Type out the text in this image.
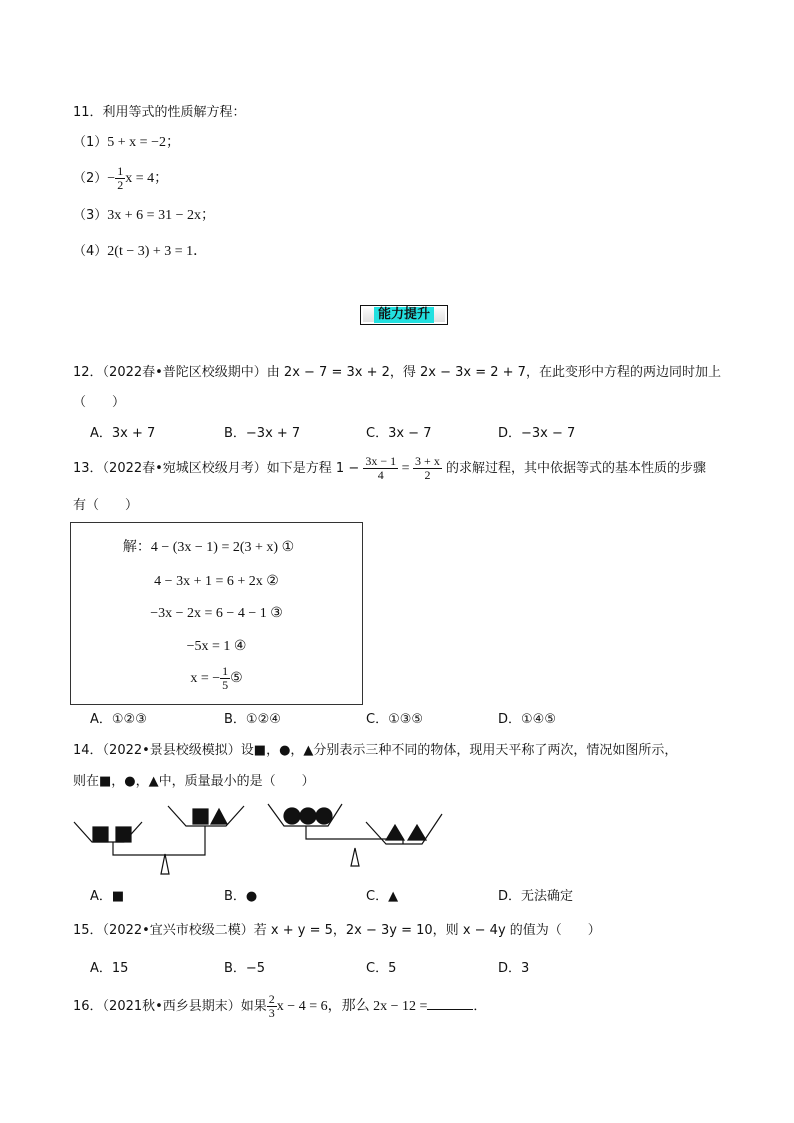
11．利用等式的性质解方程：
（1）5 + x = −2；
$(2)- \frac{1}{2}$ x = 4；
（3）3x + 6 = 31 − 2x；
（4）2(t − 3) + 3 = 1．
能力提升
12．（2022春•普陀区校级期中）由 2x − 7 = 3x + 2，得 2x − 3x = 2 + 7，在此变形中方程的两边同时加上
（　　）
A．3x + 7	B．−3x + 7	C．3x − 7	D．−3x − 7
13．（2022春•宛城区校级月考）如下是方程 $1 - \frac{3x - 1}{4} = \frac{3 + x}{2}$ 的求解过程，其中依据等式的基本性质的步骤
有（　　）
解：4 − (3x − 1) = 2(3 + x) ①
4 − 3x + 1 = 6 + 2x ②
−3x − 2x = 6 − 4 − 1 ③
−5x = 1 ④
x = − $\frac{1}{5}$ ⑤
A．①②③	B．①②④	C．①③⑤	D．①④⑤
14．（2022•景县校级模拟）设■，●，▲分别表示三种不同的物体，现用天平称了两次，情况如图所示，
则在■，●，▲中，质量最小的是（　　）
A．■	B．●	C．▲	D．无法确定
15．（2022•宜兴市校级二模）若 x + y = 5，2x − 3y = 10，则 x − 4y 的值为（　　）
A．15	B．−5	C．5	D．3
16．（2021秋•西乡县期末）如果 $\frac{2}{3}$ x − 4 = 6，那么 2x − 12 =	．
